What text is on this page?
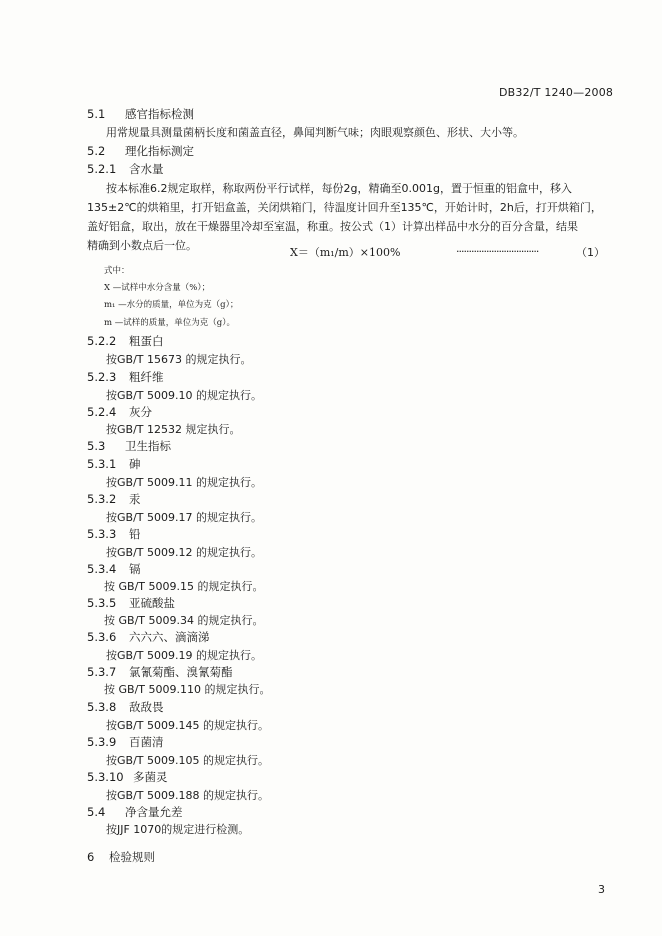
DB32/T 1240—2008
5.1 感官指标检测
用常规量具测量菌柄长度和菌盖直径，鼻闻判断气味；肉眼观察颜色、形状、大小等。
5.2 理化指标测定
5.2.1 含水量
按本标准6.2规定取样，称取两份平行试样，每份2g，精确至0.001g，置于恒重的铝盒中，移入
135±2℃的烘箱里，打开铝盒盖，关闭烘箱门，待温度计回升至135℃，开始计时，2h后，打开烘箱门，
盖好铝盒，取出，放在干燥器里冷却至室温，称重。按公式（1）计算出样品中水分的百分含量，结果
精确到小数点后一位。
X＝（m₁/m）×100%	·································	（1）
式中：
X —试样中水分含量（%）；
m₁ —水分的质量，单位为克（g）；
m —试样的质量，单位为克（g）。
5.2.2 粗蛋白
按GB/T 15673 的规定执行。
5.2.3 粗纤维
按GB/T 5009.10 的规定执行。
5.2.4 灰分
按GB/T 12532 规定执行。
5.3 卫生指标
5.3.1 砷
按GB/T 5009.11 的规定执行。
5.3.2 汞
按GB/T 5009.17 的规定执行。
5.3.3 铅
按GB/T 5009.12 的规定执行。
5.3.4 镉
按 GB/T 5009.15 的规定执行。
5.3.5 亚硫酸盐
按 GB/T 5009.34 的规定执行。
5.3.6 六六六、滴滴涕
按GB/T 5009.19 的规定执行。
5.3.7 氯氰菊酯、溴氰菊酯
按 GB/T 5009.110 的规定执行。
5.3.8 敌敌畏
按GB/T 5009.145 的规定执行。
5.3.9 百菌清
按GB/T 5009.105 的规定执行。
5.3.10 多菌灵
按GB/T 5009.188 的规定执行。
5.4 净含量允差
按JJF 1070的规定进行检测。
6 检验规则
3
